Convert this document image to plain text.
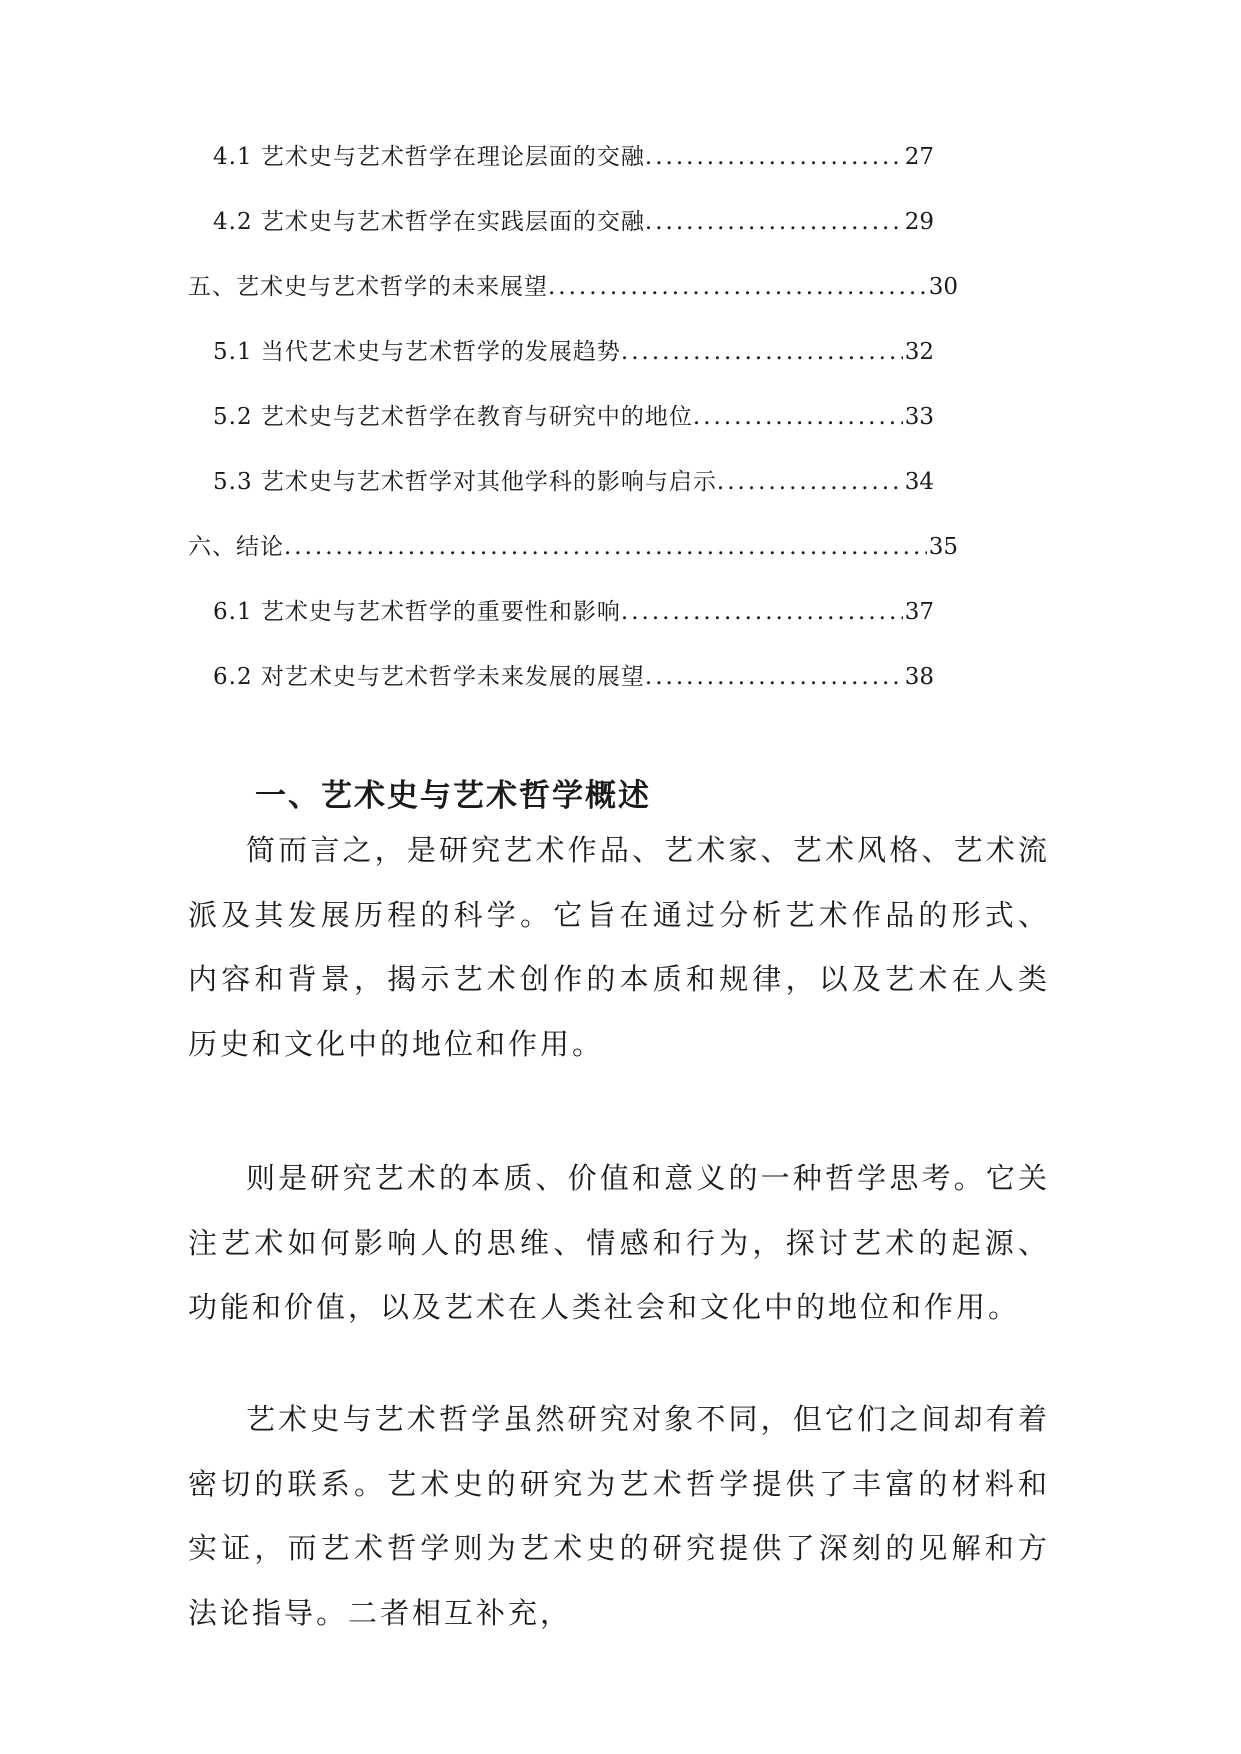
4.1 艺术史与艺术哲学在理论层面的交融 .....	27
4.2 艺术史与艺术哲学在实践层面的交融 .....	29
五、艺术史与艺术哲学的未来展望 .....	30
5.1 当代艺术史与艺术哲学的发展趋势 .....	32
5.2 艺术史与艺术哲学在教育与研究中的地位 .....	33
5.3 艺术史与艺术哲学对其他学科的影响与启示 .....	34
六、结论 .....	35
6.1 艺术史与艺术哲学的重要性和影响 .....	37
6.2 对艺术史与艺术哲学未来发展的展望 .....	38
一、艺术史与艺术哲学概述

简而言之，是研究艺术作品、艺术家、艺术风格、艺术流派及其发展历程的科学。它旨在通过分析艺术作品的形式、内容和背景，揭示艺术创作的本质和规律，以及艺术在人类历史和文化中的地位和作用。

则是研究艺术的本质、价值和意义的一种哲学思考。它关注艺术如何影响人的思维、情感和行为，探讨艺术的起源、功能和价值，以及艺术在人类社会和文化中的地位和作用。

艺术史与艺术哲学虽然研究对象不同，但它们之间却有着密切的联系。艺术史的研究为艺术哲学提供了丰富的材料和实证，而艺术哲学则为艺术史的研究提供了深刻的见解和方法论指导。二者相互补充，
